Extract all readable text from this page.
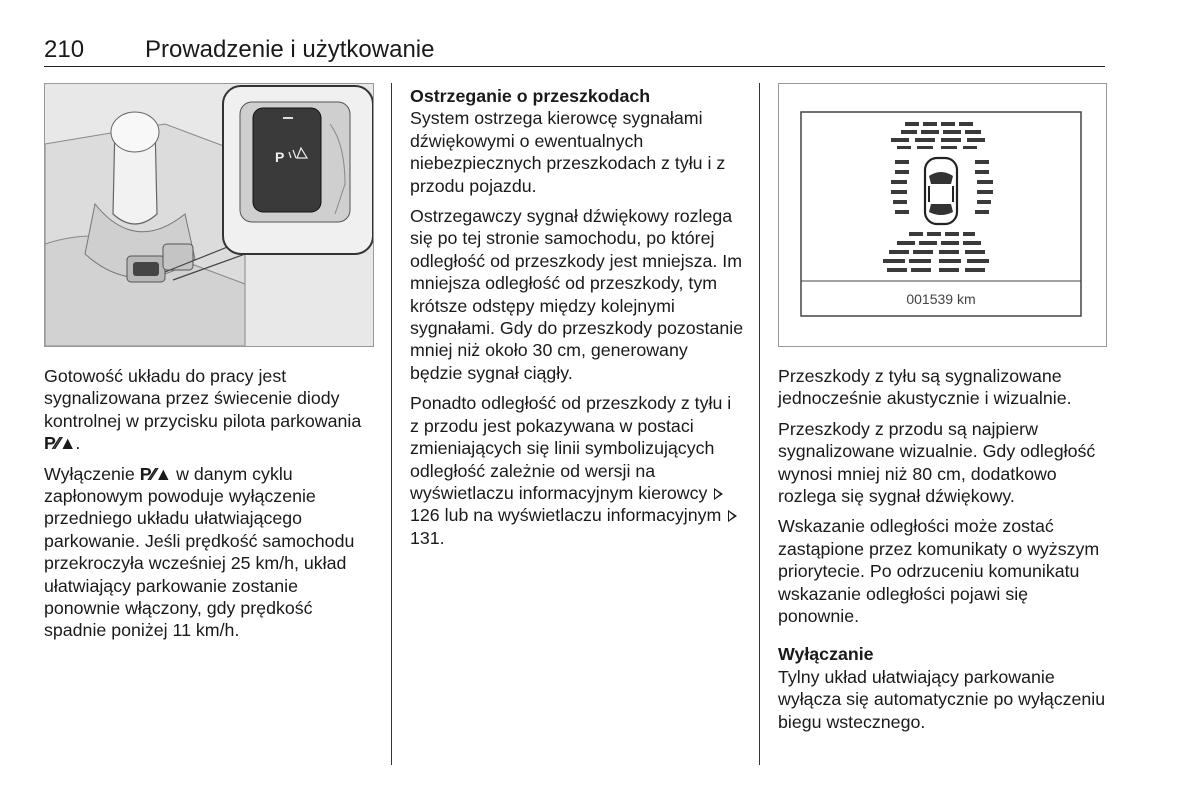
210	Prowadzenie i użytkowanie
P
001539 km

Gotowość układu do pracy jest sygnalizowana przez świecenie diody kontrolnej w przycisku pilota parkowania P⁄⁄▲.

Wyłączenie P⁄⁄▲ w danym cyklu zapłonowym powoduje wyłączenie przedniego układu ułatwiającego parkowanie. Jeśli prędkość samochodu przekroczyła wcześniej 25 km/h, układ ułatwiający parkowanie zostanie ponownie włączony, gdy prędkość spadnie poniżej 11 km/h.

Ostrzeganie o przeszkodach

System ostrzega kierowcę sygnałami dźwiękowymi o ewentualnych niebezpiecznych przeszkodach z tyłu i z przodu pojazdu.

Ostrzegawczy sygnał dźwiękowy rozlega się po tej stronie samochodu, po której odległość od przeszkody jest mniejsza. Im mniejsza odległość od przeszkody, tym krótsze odstępy między kolejnymi sygnałami. Gdy do przeszkody pozostanie mniej niż około 30 cm, generowany będzie sygnał ciągły.

Ponadto odległość od przeszkody z tyłu i z przodu jest pokazywana w postaci zmieniających się linii symbolizujących odległość zależnie od wersji na wyświetlaczu informacyjnym kierowcy  126 lub na wyświetlaczu informacyjnym  131.

Przeszkody z tyłu są sygnalizowane jednocześnie akustycznie i wizualnie.

Przeszkody z przodu są najpierw sygnalizowane wizualnie. Gdy odległość wynosi mniej niż 80 cm, dodatkowo rozlega się sygnał dźwiękowy.

Wskazanie odległości może zostać zastąpione przez komunikaty o wyższym priorytecie. Po odrzuceniu komunikatu wskazanie odległości pojawi się ponownie.

Wyłączanie

Tylny układ ułatwiający parkowanie wyłącza się automatycznie po wyłączeniu biegu wstecznego.
